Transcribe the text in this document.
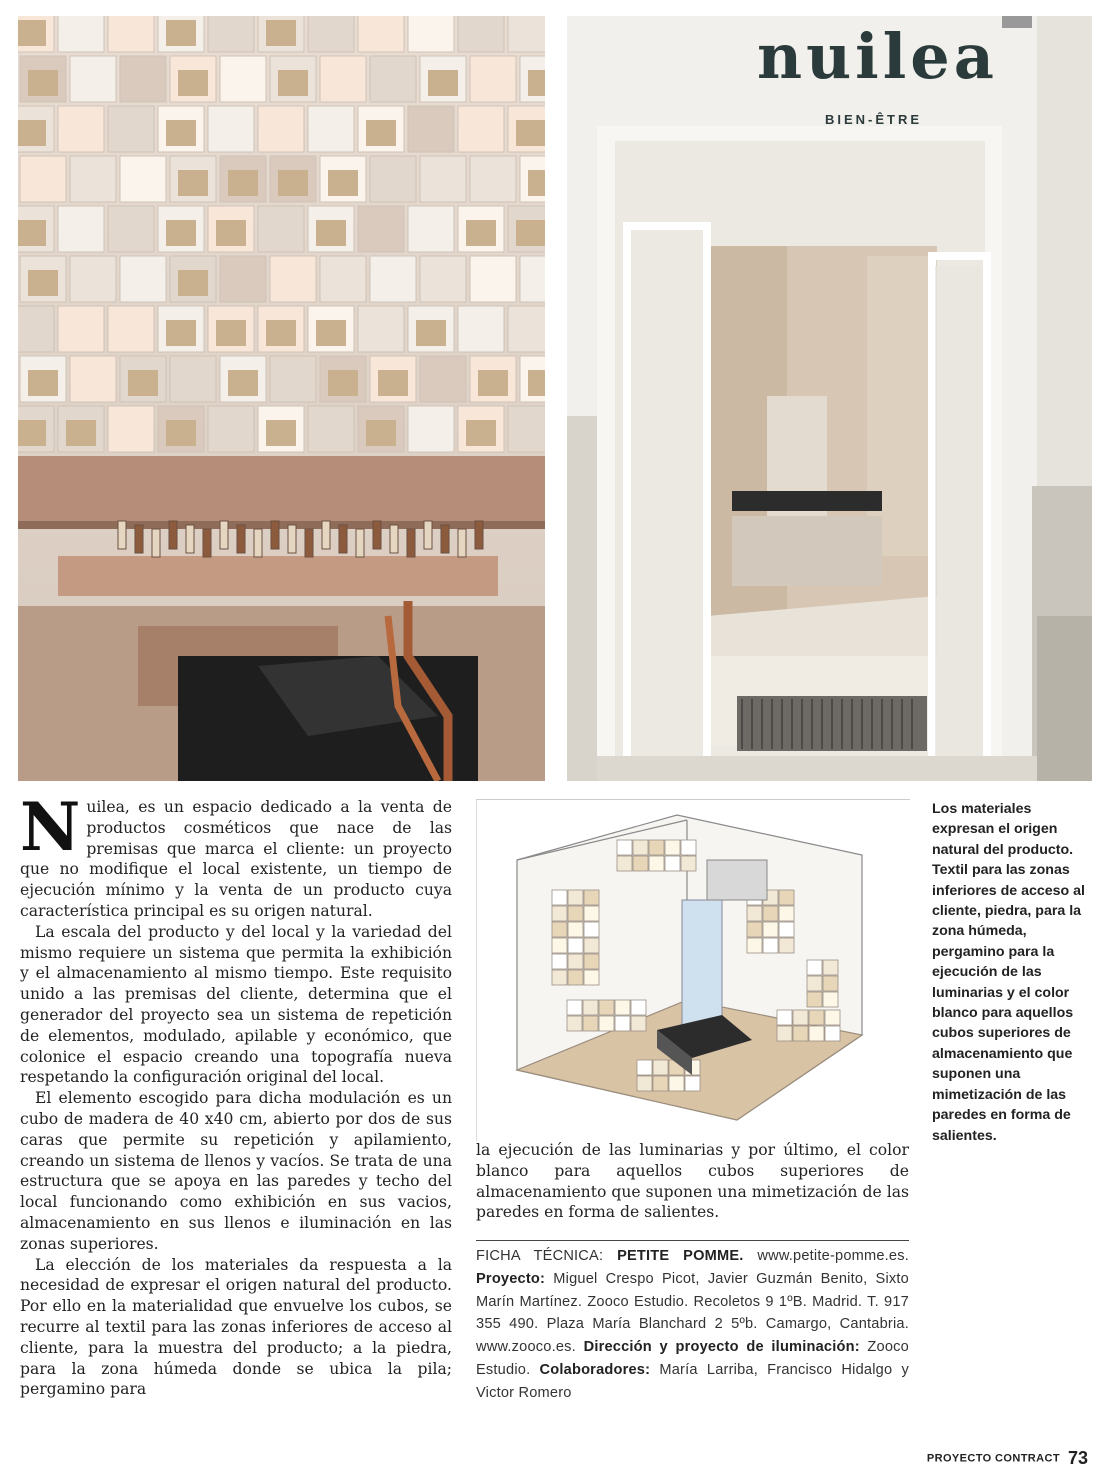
nuilea
BIEN-ÊTRE

Nuilea, es un espacio dedicado a la venta de productos cosméticos que nace de las premisas que marca el cliente: un proyecto que no modifique el local existente, un tiempo de ejecución mínimo y la venta de un producto cuya característica principal es su origen natural.

La escala del producto y del local y la variedad del mismo requiere un sistema que permita la exhibición y el almacenamiento al mismo tiempo. Este requisito unido a las premisas del cliente, determina que el generador del proyecto sea un sistema de repetición de elementos, modulado, apilable y económico, que colonice el espacio creando una topografía nueva respetando la configuración original del local.

El elemento escogido para dicha modulación es un cubo de madera de 40 x40 cm, abierto por dos de sus caras que permite su repetición y apilamiento, creando un sistema de llenos y vacíos. Se trata de una estructura que se apoya en las paredes y techo del local funcionando como exhibición en sus vacios, almacenamiento en sus llenos e iluminación en las zonas superiores.

La elección de los materiales da respuesta a la necesidad de expresar el origen natural del producto. Por ello en la materialidad que envuelve los cubos, se recurre al textil para las zonas inferiores de acceso al cliente, para la muestra del producto; a la piedra, para la zona húmeda donde se ubica la pila; pergamino para

la ejecución de las luminarias y por último, el color blanco para aquellos cubos superiores de almacenamiento que suponen una mimetización de las paredes en forma de salientes.

FICHA TÉCNICA: PETITE POMME. www.petite-pomme.es. Proyecto: Miguel Crespo Picot, Javier Guzmán Benito, Sixto Marín Martínez. Zooco Estudio. Recoletos 9 1ºB. Madrid. T. 917 355 490. Plaza María Blanchard 2 5ºb. Camargo, Cantabria. www.zooco.es. Dirección y proyecto de iluminación: Zooco Estudio. Colaboradores: María Larriba, Francisco Hidalgo y Victor Romero
Los materiales expresan el origen natural del producto. Textil para las zonas inferiores de acceso al cliente, piedra, para la zona húmeda, pergamino para la ejecución de las luminarias y el color blanco para aquellos cubos superiores de almacenamiento que suponen una mimetización de las paredes en forma de salientes.
PROYECTO CONTRACT 73
